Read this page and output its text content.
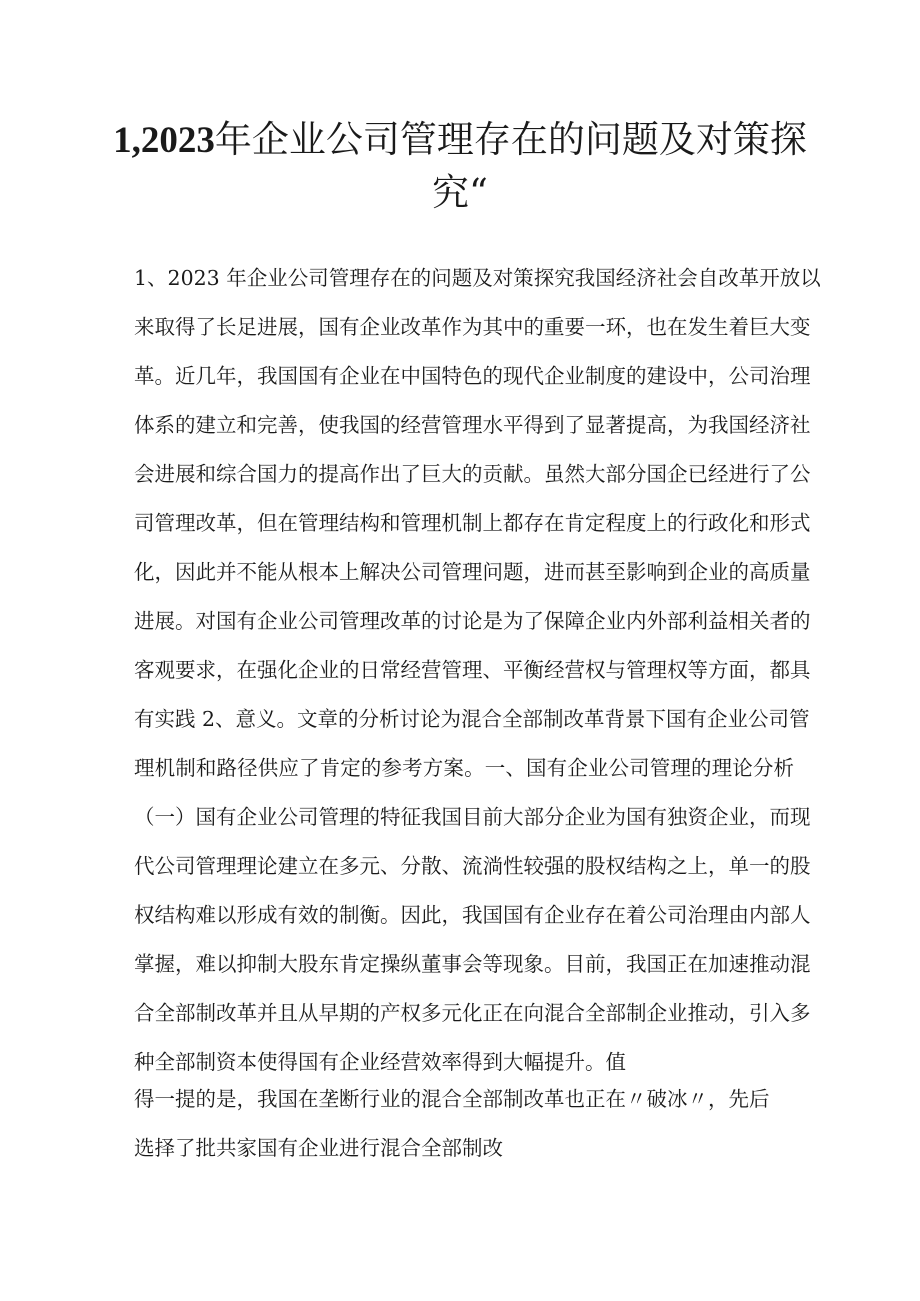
1,2023年企业公司管理存在的问题及对策探
究“

1、2023 年企业公司管理存在的问题及对策探究我国经济社会自改革开放以

来取得了长足进展，国有企业改革作为其中的重要一环，也在发生着巨大变

革。近几年，我国国有企业在中国特色的现代企业制度的建设中，公司治理

体系的建立和完善，使我国的经营管理水平得到了显著提高，为我国经济社

会进展和综合国力的提高作出了巨大的贡献。虽然大部分国企已经进行了公

司管理改革，但在管理结构和管理机制上都存在肯定程度上的行政化和形式

化，因此并不能从根本上解决公司管理问题，进而甚至影响到企业的高质量

进展。对国有企业公司管理改革的讨论是为了保障企业内外部利益相关者的

客观要求，在强化企业的日常经营管理、平衡经营权与管理权等方面，都具

有实践 2、意义。文章的分析讨论为混合全部制改革背景下国有企业公司管

理机制和路径供应了肯定的参考方案。一、国有企业公司管理的理论分析

（一）国有企业公司管理的特征我国目前大部分企业为国有独资企业，而现

代公司管理理论建立在多元、分散、流淌性较强的股权结构之上，单一的股

权结构难以形成有效的制衡。因此，我国国有企业存在着公司治理由内部人

掌握，难以抑制大股东肯定操纵董事会等现象。目前，我国正在加速推动混

合全部制改革并且从早期的产权多元化正在向混合全部制企业推动，引入多

种全部制资本使得国有企业经营效率得到大幅提升。值

得一提的是，我国在垄断行业的混合全部制改革也正在〃破冰〃，先后

选择了批共家国有企业进行混合全部制改
